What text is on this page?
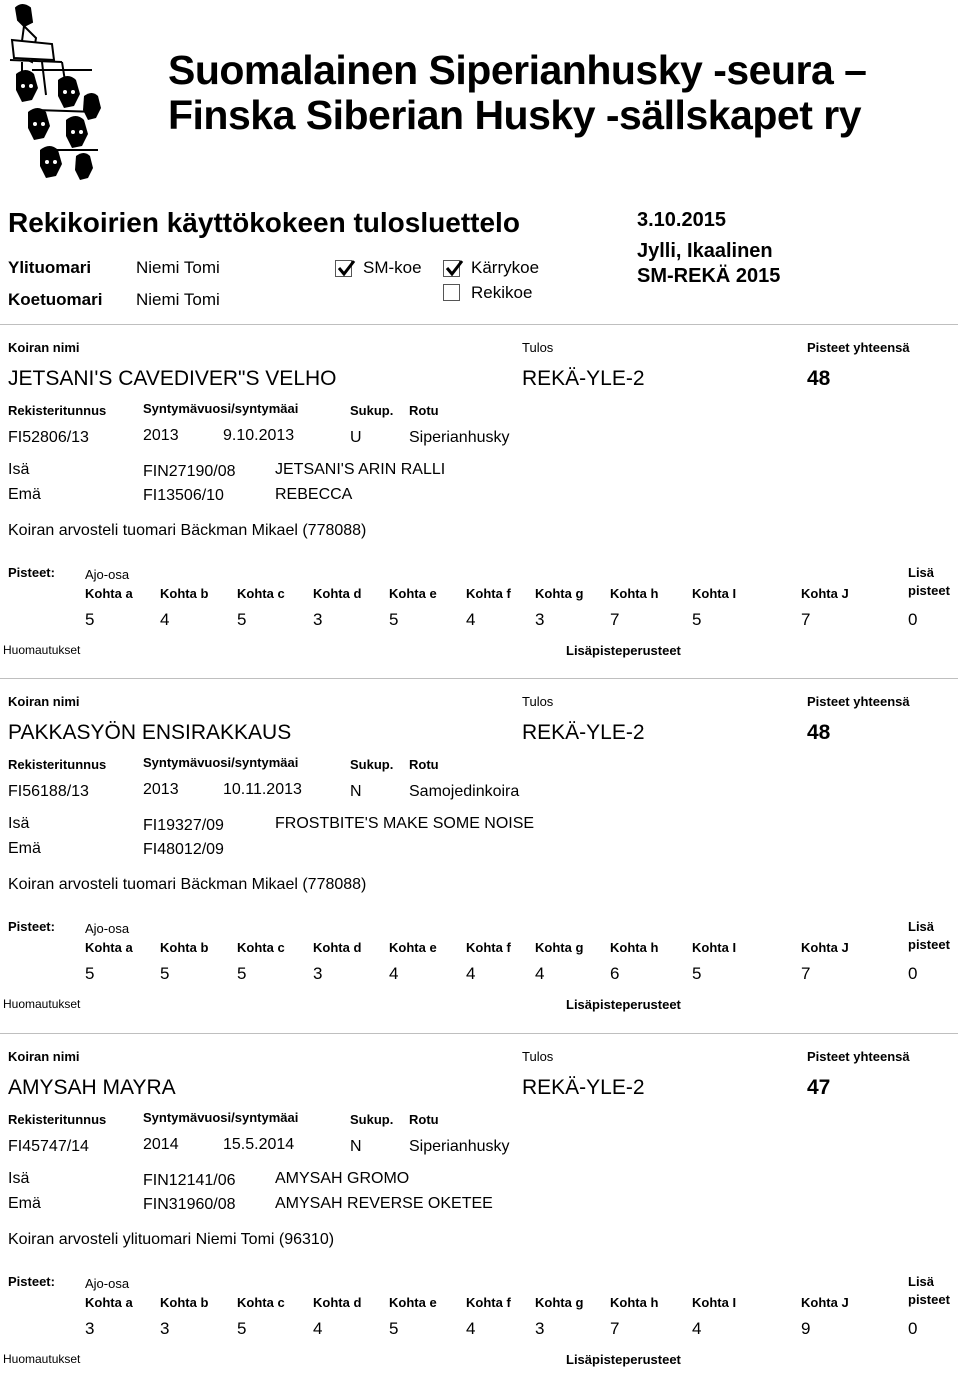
Suomalainen Siperianhusky -seura –
Finska Siberian Husky -sällskapet ry
Rekikoirien käyttökokeen tulosluettelo	3.10.2015
Jylli, Ikaalinen
SM-REKÄ 2015
Ylituomari	Niemi Tomi
Koetuomari Niemi Tomi
SM-koe	Kärrykoe
Rekikoe
Koiran nimi	Tulos	Pisteet yhteensä
JETSANI'S CAVEDIVER"S VELHO	REKÄ-YLE-2	48
Rekisteritunnus	Syntymävuosi/syntymäai	Sukup. Rotu
FI52806/13	2013	9.10.2013	U	Siperianhusky
Isä	FIN27190/08 JETSANI'S ARIN RALLI
Emä	FI13506/10	REBECCA
Koiran arvosteli tuomari Bäckman Mikael (778088)
Pisteet: Ajo-osa	Lisä
pisteet
Kohta a Kohta b Kohta c Kohta d Kohta e Kohta f Kohta g Kohta h	Kohta I	Kohta J
5	4	5	3	5	4	3	7	5	7	0
Huomautukset	Lisäpisteperusteet
Koiran nimi	Tulos	Pisteet yhteensä
PAKKASYÖN ENSIRAKKAUS	REKÄ-YLE-2	48
Rekisteritunnus	Syntymävuosi/syntymäai	Sukup. Rotu
FI56188/13	2013	10.11.2013	N	Samojedinkoira
Isä	FI19327/09	FROSTBITE'S MAKE SOME NOISE
Emä	FI48012/09
Koiran arvosteli tuomari Bäckman Mikael (778088)
Pisteet: Ajo-osa	Lisä
pisteet
Kohta a Kohta b Kohta c Kohta d Kohta e Kohta f Kohta g Kohta h	Kohta I	Kohta J
5	5	5	3	4	4	4	6	5	7	0
Huomautukset	Lisäpisteperusteet
Koiran nimi	Tulos	Pisteet yhteensä
AMYSAH MAYRA	REKÄ-YLE-2	47
Rekisteritunnus	Syntymävuosi/syntymäai	Sukup. Rotu
FI45747/14	2014	15.5.2014	N	Siperianhusky
Isä	FIN12141/06 AMYSAH GROMO
Emä	FIN31960/08 AMYSAH REVERSE OKETEE
Koiran arvosteli ylituomari Niemi Tomi (96310)
Pisteet: Ajo-osa	Lisä
pisteet
Kohta a Kohta b Kohta c Kohta d Kohta e Kohta f Kohta g Kohta h	Kohta I	Kohta J
3	3	5	4	5	4	3	7	4	9	0
Huomautukset	Lisäpisteperusteet
